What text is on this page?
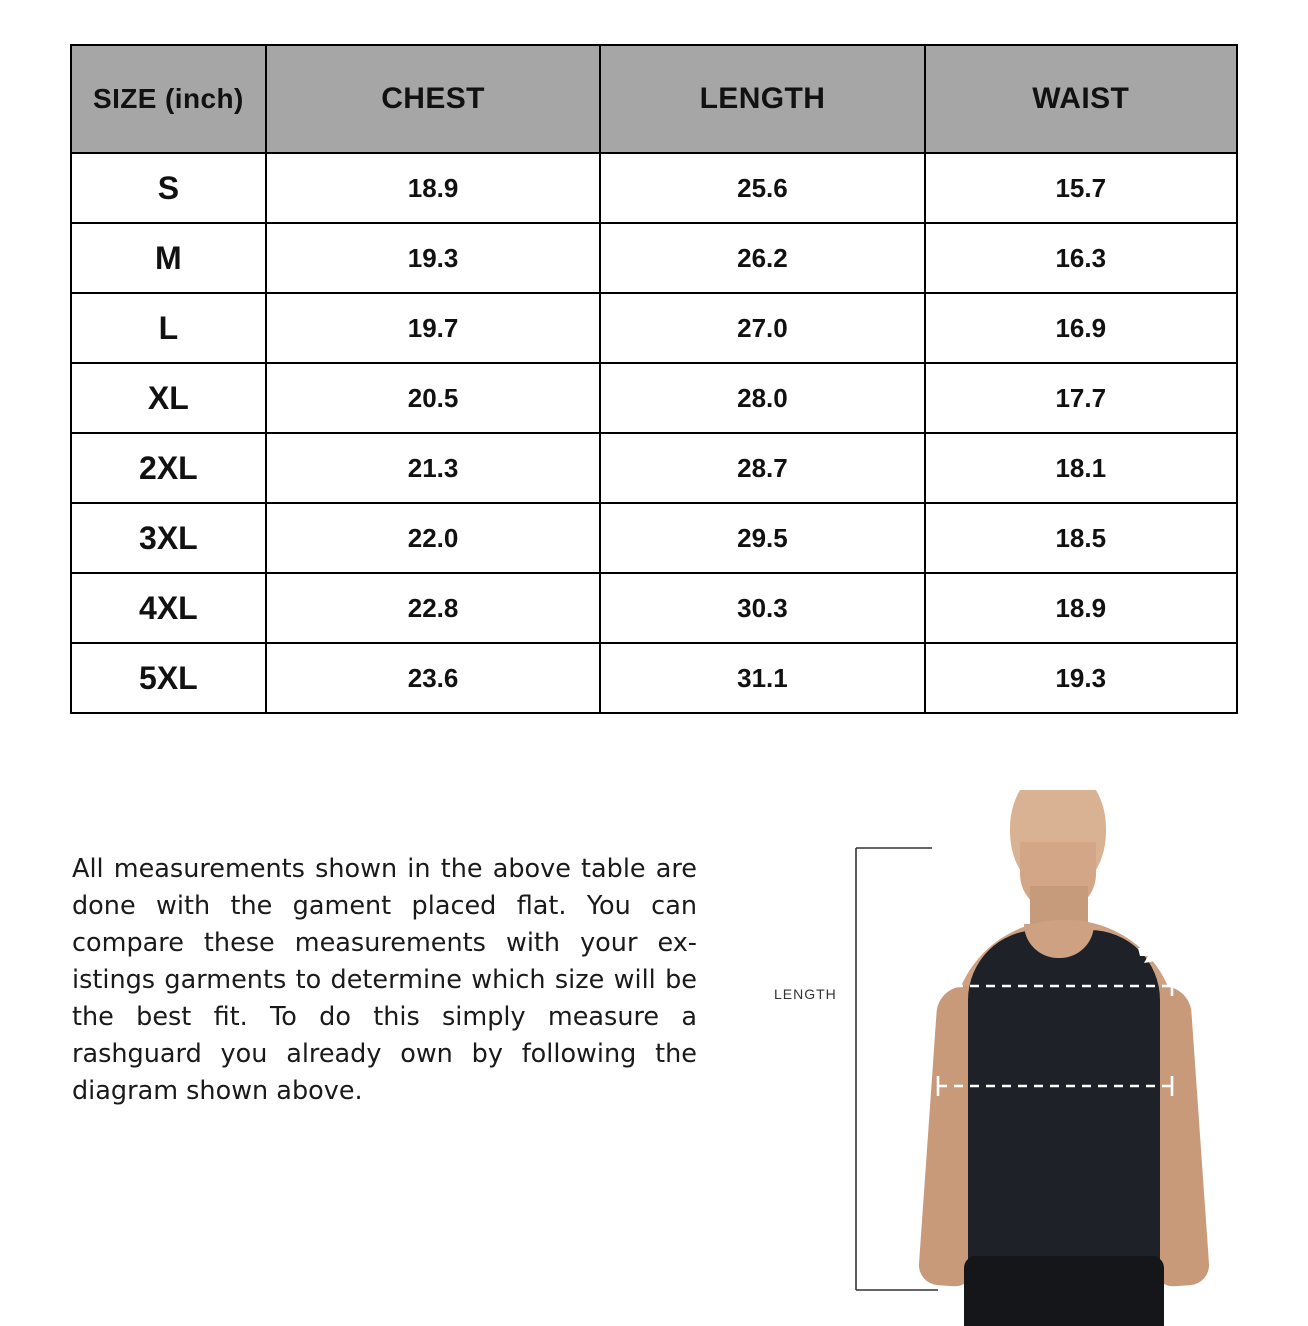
SIZE (inch)	CHEST	LENGTH	WAIST
S	18.9	25.6	15.7
M	19.3	26.2	16.3
L	19.7	27.0	16.9
XL	20.5	28.0	17.7
2XL	21.3	28.7	18.1
3XL	22.0	29.5	18.5
4XL	22.8	30.3	18.9
5XL	23.6	31.1	19.3

All measurements shown in the above table are done with the gament placed flat. You can compare these measurements with your ex-istings garments to determine which size will be the best fit. To do this simply measure a rashguard you already own by following the diagram shown above.

LENGTH
CHEST
WAIST
